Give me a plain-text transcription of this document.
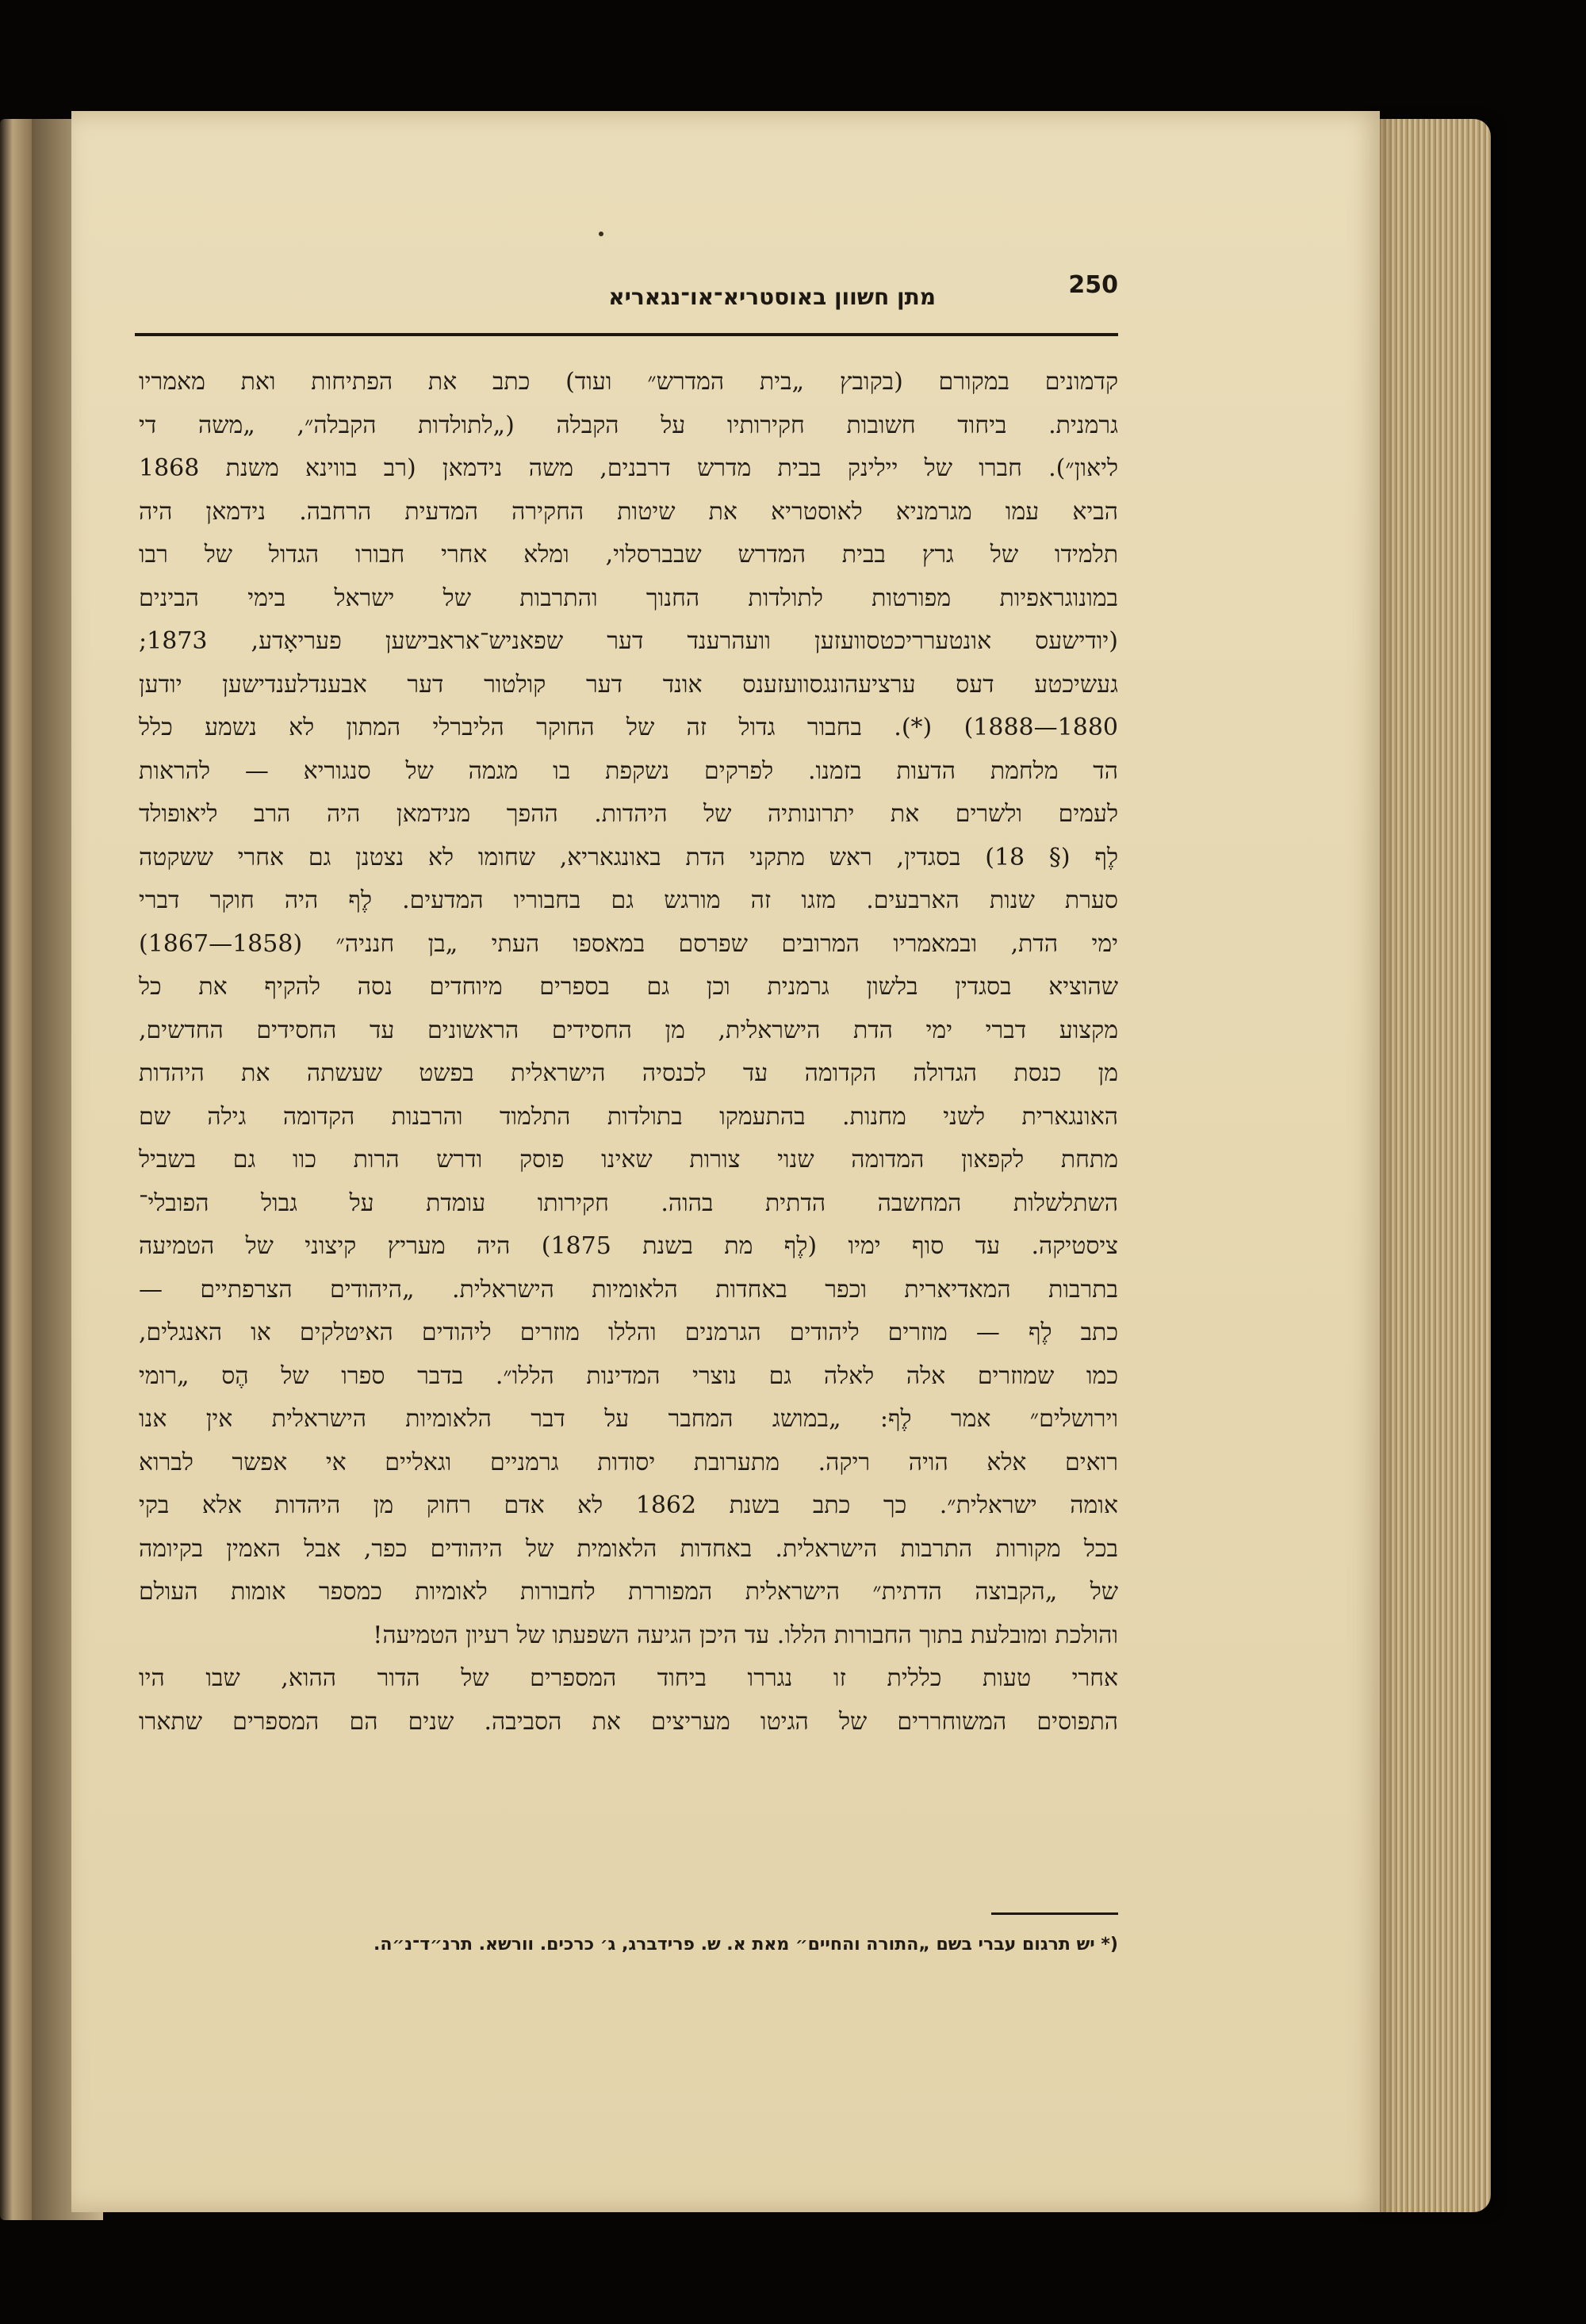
מתן חשוון באוסטריא־או־נגאריא	250
קדמונים במקורם (בקובץ „בית המדרש״ ועוד) כתב את הפתיחות ואת מאמריו
גרמנית. ביחוד חשובות חקירותיו על הקבלה („לתולדות הקבלה״, „משה די
ליאון״). חברו של יילינק בבית מדרש דרבנים, משה נידמאן (רב בווינא משנת 1868
הביא עמו מגרמניא לאוסטריא את שיטות החקירה המדעית הרחבה. נידמאן היה
תלמידו של גרץ בבית המדרש שבברסלוי, ומלא אחרי חבורו הגדול של רבו
במונוגראפיות מפורטות לתולדות החנוך והתרבות של ישראל בימי הבינים
(יודישעס אונטערריכטסוועזען וועהרענד דער שפאניש־אראבישען פעריאָדע, 1873;
געשיכטע דעס ערציעהונגסוועזענס אונד דער קולטור דער אבענדלענדישען יודען
1880—1888) (*). בחבור גדול זה של החוקר הליברלי המתון לא נשמע כלל
הד מלחמת הדעות בזמנו. לפרקים נשקפת בו מגמה של סנגוריא — להראות
לעמים ולשרים את יתרונותיה של היהדות. ההפך מנידמאן היה הרב ליאופולד
לֶף (§ 18) בסגדין, ראש מתקני הדת באונגאריא, שחומו לא נצטנן גם אחרי ששקטה
סערת שנות הארבעים. מזגו זה מורגש גם בחבוריו המדעים. לֶף היה חוקר דברי
ימי הדת, ובמאמריו המרובים שפרסם במאספו העתי „בן חנניה״ (1858—1867)
שהוציא בסגדין בלשון גרמנית וכן גם בספרים מיוחדים נסה להקיף את כל
מקצוע דברי ימי הדת הישראלית, מן החסידים הראשונים עד החסידים החדשים,
מן כנסת הגדולה הקדומה עד לכנסיה הישראלית בפשט שעשתה את היהדות
האונגארית לשני מחנות. בהתעמקו בתולדות התלמוד והרבנות הקדומה גילה שם
מתחת לקפאון המדומה שנוי צורות שאינו פוסק ודרש הרות כוו גם בשביל
השתלשלות המחשבה הדתית בהוה. חקירותו עומדת על גבול הפובלי־
ציסטיקה. עד סוף ימיו (לֶף מת בשנת 1875) היה מעריץ קיצוני של הטמיעה
בתרבות המאדיארית וכפר באחדות הלאומיות הישראלית. „היהודים הצרפתיים —
כתב לֶף — מוזרים ליהודים הגרמנים והללו מוזרים ליהודים האיטלקים או האנגלים,
כמו שמוזרים אלה לאלה גם נוצרי המדינות הללו״. בדבר ספרו של הֶס „רומי
וירושלים״ אמר לֶף: „במושג המחבר על דבר הלאומיות הישראלית אין אנו
רואים אלא הויה ריקה. מתערובת יסודות גרמניים וגאליים אי אפשר לברוא
אומה ישראלית״. כך כתב בשנת 1862 לא אדם רחוק מן היהדות אלא בקי
בכל מקורות התרבות הישראלית. באחדות הלאומית של היהודים כפר, אבל האמין בקיומה
של „הקבוצה הדתית״ הישראלית המפוררת לחבורות לאומיות כמספר אומות העולם
והולכת ומובלעת בתוך החבורות הללו. עד היכן הגיעה השפעתו של רעיון הטמיעה!
אחרי טעות כללית זו נגררו ביחוד המספרים של הדור ההוא, שבו היו
התפוסים המשוחררים של הגיטו מעריצים את הסביבה. שנים הם המספרים שתארו
(* יש תרגום עברי בשם „התורה והחיים״ מאת א. ש. פרידברג, ג׳ כרכים. וורשא. תרנ״ד־נ״ה.
